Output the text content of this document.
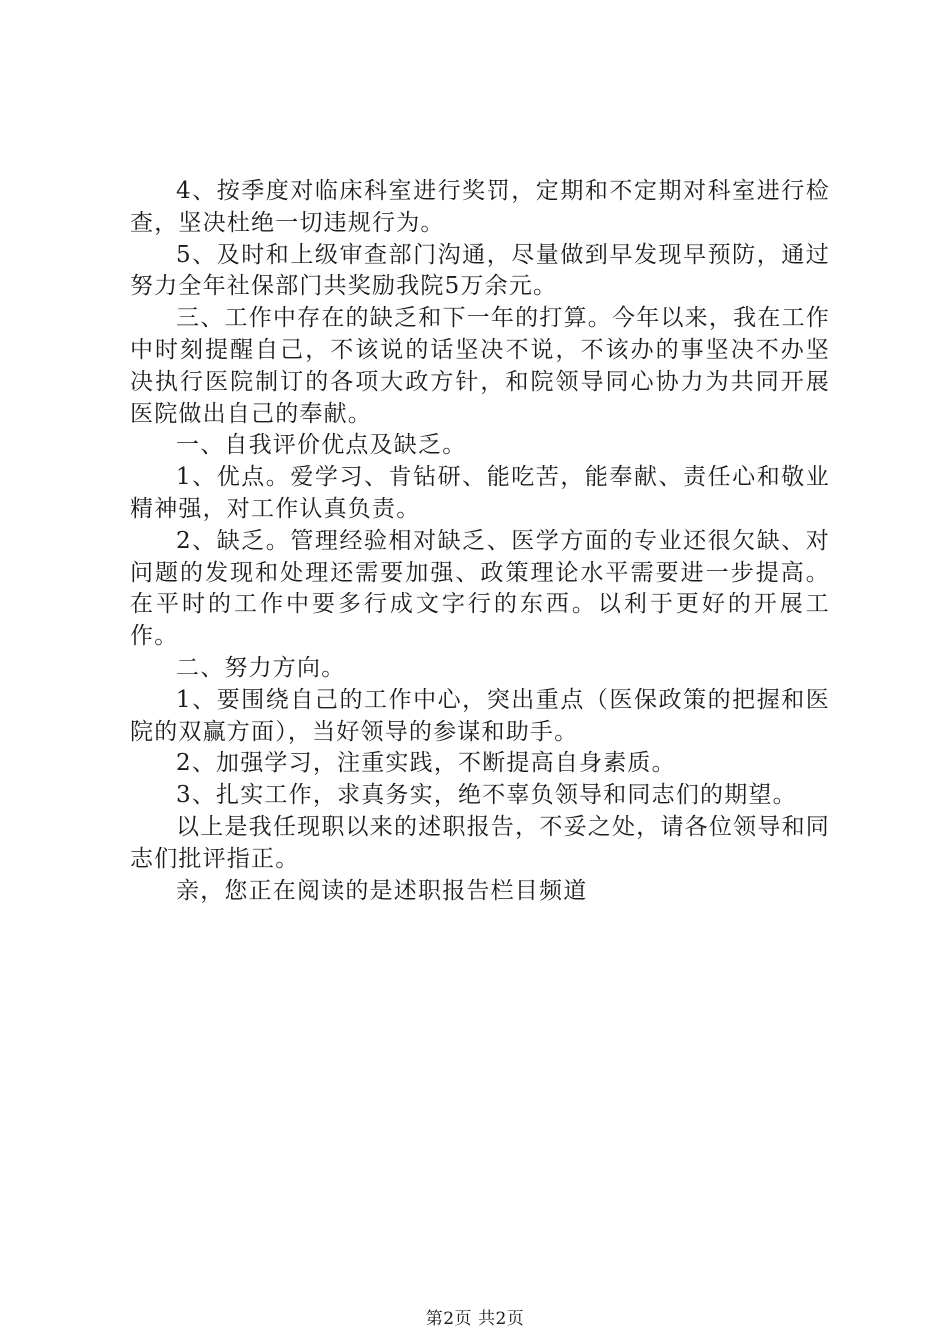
4、按季度对临床科室进行奖罚，定期和不定期对科室进行检查，坚决杜绝一切违规行为。

5、及时和上级审查部门沟通，尽量做到早发现早预防，通过努力全年社保部门共奖励我院5万余元。

三、工作中存在的缺乏和下一年的打算。今年以来，我在工作中时刻提醒自己，不该说的话坚决不说，不该办的事坚决不办坚决执行医院制订的各项大政方针，和院领导同心协力为共同开展医院做出自己的奉献。

一、自我评价优点及缺乏。

1、优点。爱学习、肯钻研、能吃苦，能奉献、责任心和敬业精神强，对工作认真负责。

2、缺乏。管理经验相对缺乏、医学方面的专业还很欠缺、对问题的发现和处理还需要加强、政策理论水平需要进一步提高。在平时的工作中要多行成文字行的东西。以利于更好的开展工作。

二、努力方向。

1、要围绕自己的工作中心，突出重点（医保政策的把握和医院的双赢方面），当好领导的参谋和助手。

2、加强学习，注重实践，不断提高自身素质。

3、扎实工作，求真务实，绝不辜负领导和同志们的期望。

以上是我任现职以来的述职报告，不妥之处，请各位领导和同志们批评指正。

亲，您正在阅读的是述职报告栏目频道

第2页 共2页
